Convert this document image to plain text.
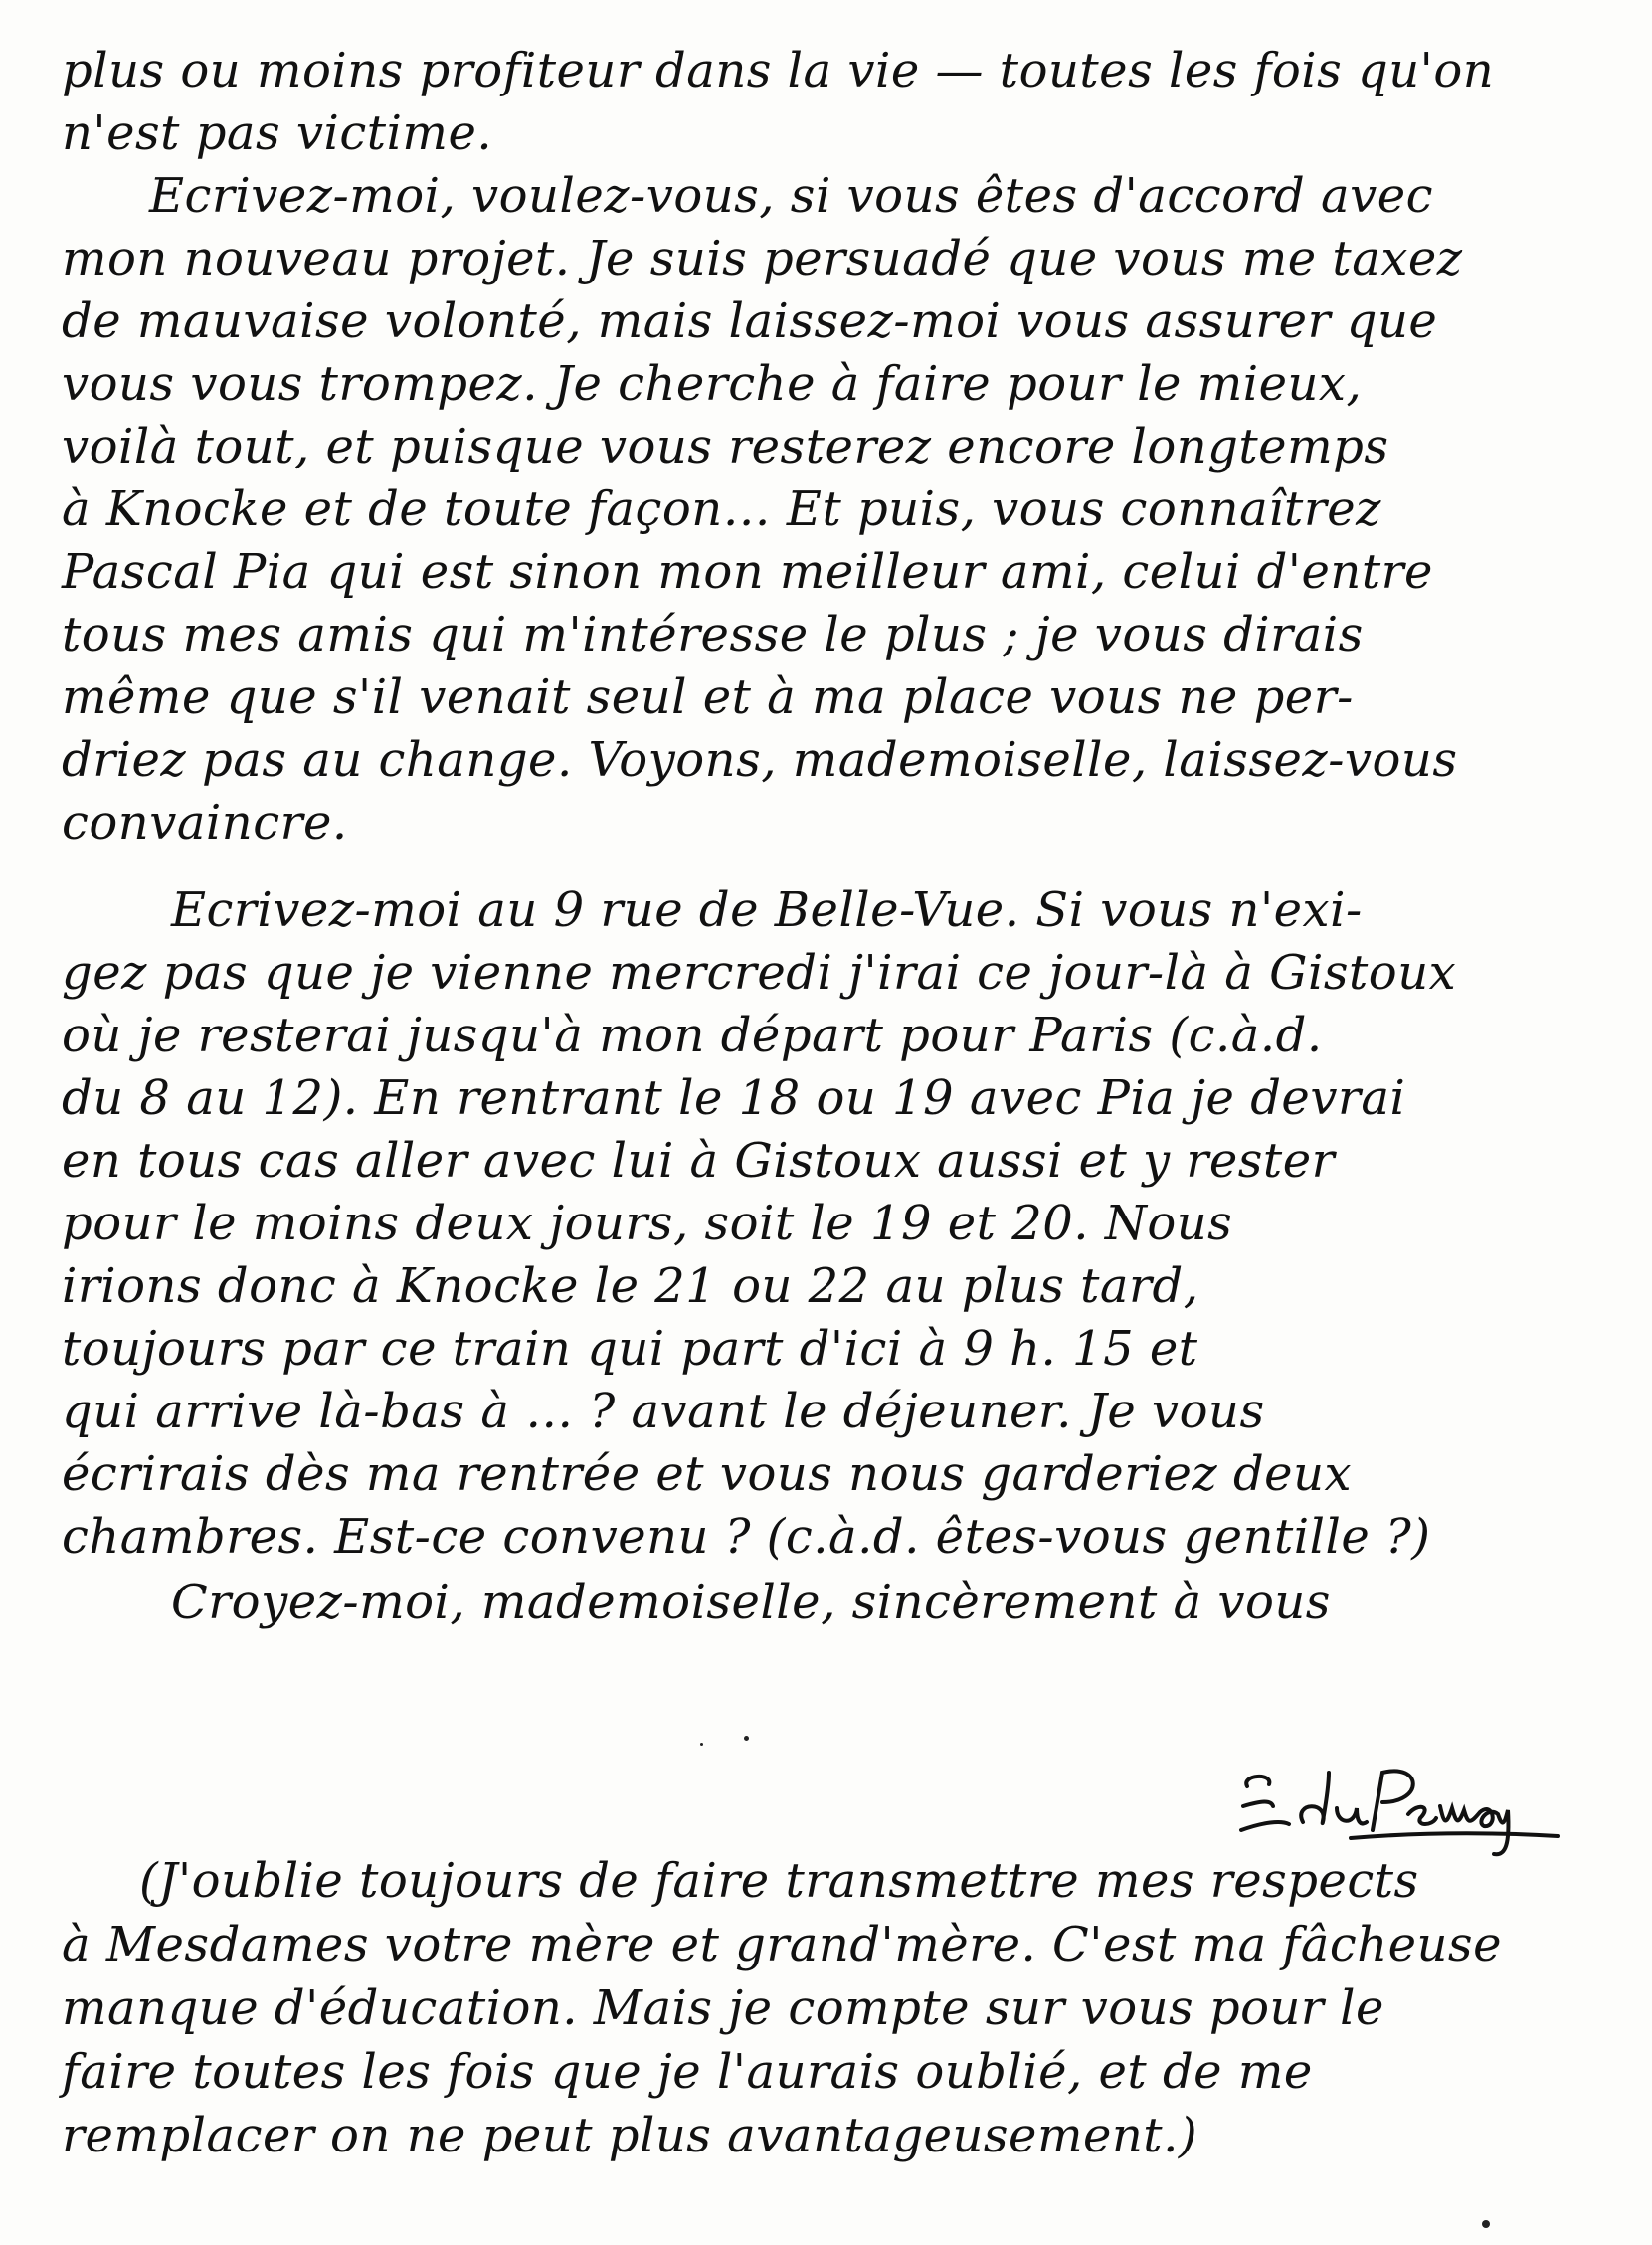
plus ou moins profiteur dans la vie — toutes les fois qu'on

n'est pas victime.

Ecrivez-moi, voulez-vous, si vous êtes d'accord avec

mon nouveau projet. Je suis persuadé que vous me taxez

de mauvaise volonté, mais laissez-moi vous assurer que

vous vous trompez. Je cherche à faire pour le mieux,

voilà tout, et puisque vous resterez encore longtemps

à Knocke et de toute façon… Et puis, vous connaîtrez

Pascal Pia qui est sinon mon meilleur ami, celui d'entre

tous mes amis qui m'intéresse le plus ; je vous dirais

même que s'il venait seul et à ma place vous ne per-

driez pas au change. Voyons, mademoiselle, laissez-vous

convaincre.

Ecrivez-moi au 9 rue de Belle-Vue. Si vous n'exi-

gez pas que je vienne mercredi j'irai ce jour-là à Gistoux

où je resterai jusqu'à mon départ pour Paris (c.à.d.

du 8 au 12). En rentrant le 18 ou 19 avec Pia je devrai

en tous cas aller avec lui à Gistoux aussi et y rester

pour le moins deux jours, soit le 19 et 20. Nous

irions donc à Knocke le 21 ou 22 au plus tard,

toujours par ce train qui part d'ici à 9 h. 15 et

qui arrive là-bas à … ? avant le déjeuner. Je vous

écrirais dès ma rentrée et vous nous garderiez deux

chambres. Est-ce convenu ? (c.à.d. êtes-vous gentille ?)

Croyez-moi, mademoiselle, sincèrement à vous

(J'oublie toujours de faire transmettre mes respects

à Mesdames votre mère et grand'mère. C'est ma fâcheuse

manque d'éducation. Mais je compte sur vous pour le

faire toutes les fois que je l'aurais oublié, et de me

remplacer on ne peut plus avantageusement.)
